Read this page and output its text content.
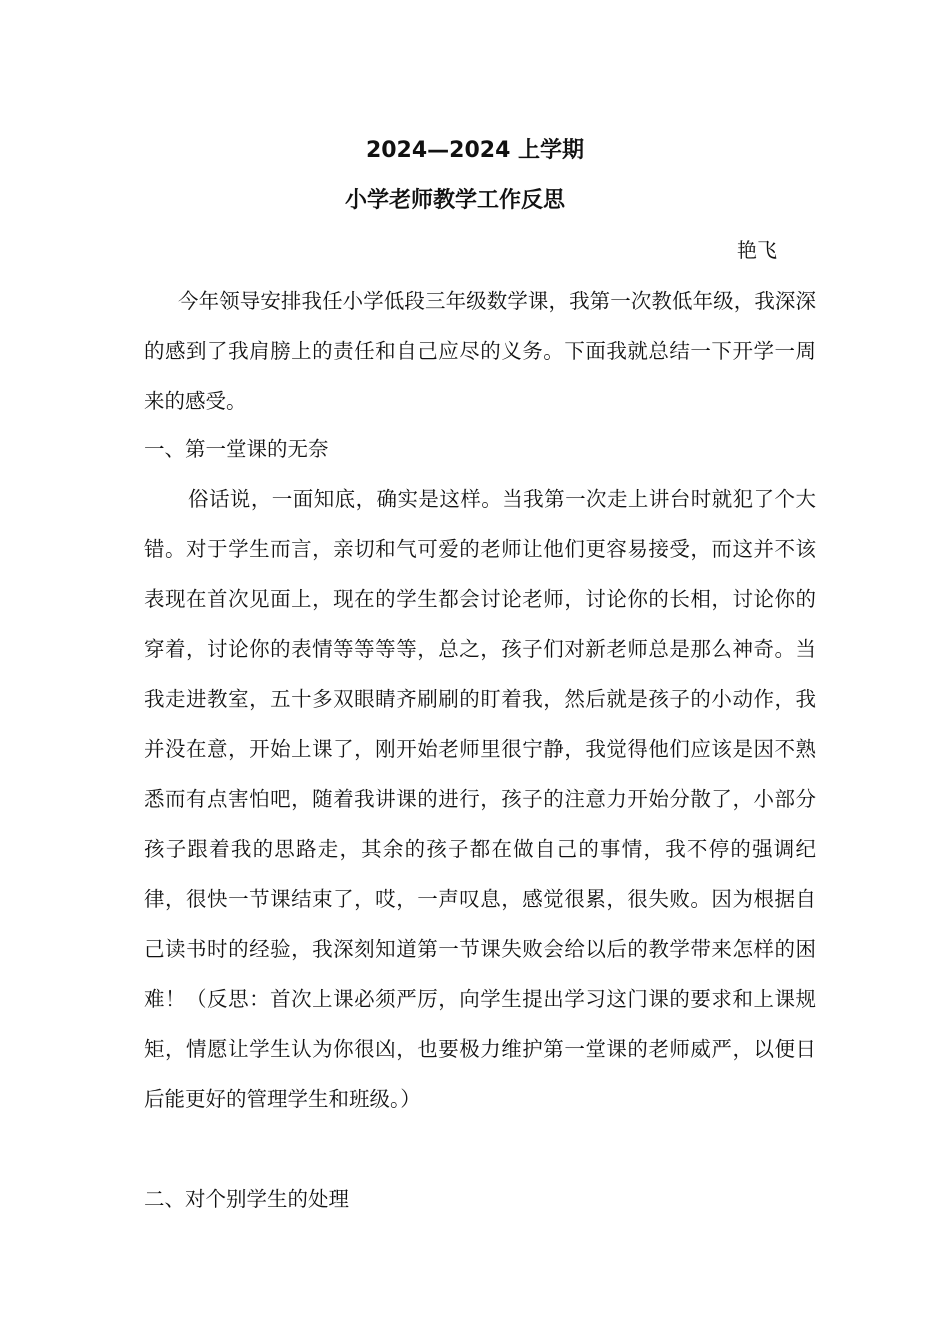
2024—2024 上学期
小学老师教学工作反思
艳飞

今年领导安排我任小学低段三年级数学课，我第一次教低年级，我深深的感到了我肩膀上的责任和自己应尽的义务。下面我就总结一下开学一周来的感受。

一、第一堂课的无奈

俗话说，一面知底，确实是这样。当我第一次走上讲台时就犯了个大错。对于学生而言，亲切和气可爱的老师让他们更容易接受，而这并不该表现在首次见面上，现在的学生都会讨论老师，讨论你的长相，讨论你的穿着，讨论你的表情等等等等，总之，孩子们对新老师总是那么神奇。当我走进教室，五十多双眼睛齐刷刷的盯着我，然后就是孩子的小动作，我并没在意，开始上课了，刚开始老师里很宁静，我觉得他们应该是因不熟悉而有点害怕吧，随着我讲课的进行，孩子的注意力开始分散了，小部分孩子跟着我的思路走，其余的孩子都在做自己的事情，我不停的强调纪律，很快一节课结束了，哎，一声叹息，感觉很累，很失败。因为根据自己读书时的经验，我深刻知道第一节课失败会给以后的教学带来怎样的困难！（反思：首次上课必须严厉，向学生提出学习这门课的要求和上课规矩，情愿让学生认为你很凶，也要极力维护第一堂课的老师威严，以便日后能更好的管理学生和班级。）

二、对个别学生的处理
